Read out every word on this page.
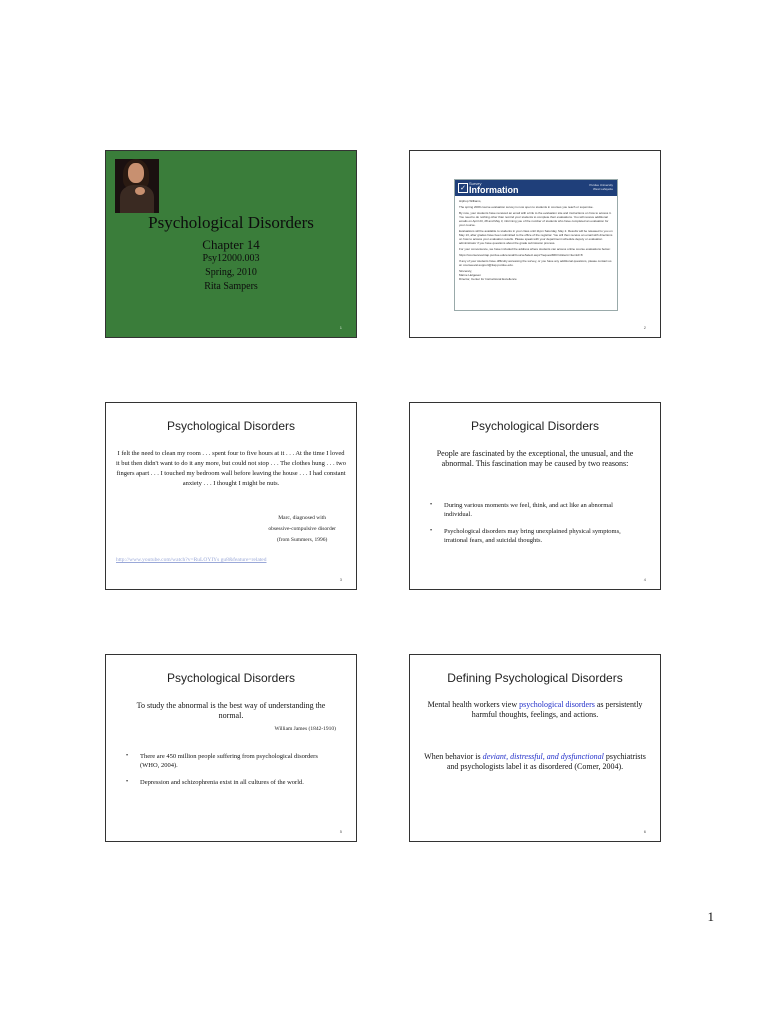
Psychological Disorders
Chapter 14
Psy12000.003
Spring, 2010
Rita Sampers
1
✓
Survey
Information	Purdue University
West Lafayette

Hiphop Williams,

The spring 2009 course evaluation survey is now open to students in courses you teach or supervise.

By now, your students have received an email with a link to the evaluation site and instructions on how to access it. You need to do nothing other than remind your students to complete their evaluations. You will receive additional emails on April 23, 28 and May 3, informing you of the number of students who have completed an evaluation for your course.

Evaluations will be available to students in your class until 11pm Saturday, May 2. Results will be released to you on May 13, after grades have been submitted to the office of the registrar. You will then receive an email with directions on how to access your evaluation results. Please speak with your department schedule deputy or evaluation administrator if you have questions about the grade submission process.

For your convenience, we have included the address where students can access online course evaluations below:

https://coursereval.itap.purdue.edu/ereval/CourseSelect.aspx?requestMID=A&term=itemId=8

If any of your students have difficulty accessing the survey, or you have any additional questions, please contact us at: courseeval-support@itap.purdue.edu.

Sincerely,

Marne Helgesen

Director, Center for Instructional Excellence

2
Psychological Disorders
I felt the need to clean my room . . . spent four to five hours at it . . . At the time I loved it but then didn't want to do it any more, but could not stop . . . The clothes hung . . . two fingers apart . . . I touched my bedroom wall before leaving the house . . . I had constant anxiety . . . I thought I might be nuts.
Marc, diagnosed with
obsessive-compulsive disorder
(from Summers, 1996)
http://www.youtube.com/watch?v=RuLOYIYs gu8&feature=related
3
Psychological Disorders
People are fascinated by the exceptional, the unusual, and the abnormal. This fascination may be caused by two reasons:
• During various moments we feel, think, and act like an abnormal individual.
• Psychological disorders may bring unexplained physical symptoms, irrational fears, and suicidal thoughts.
4
Psychological Disorders
To study the abnormal is the best way of understanding the normal.
William James (1842-1910)
• There are 450 million people suffering from psychological disorders (WHO, 2004).
• Depression and schizophrenia exist in all cultures of the world.
5
Defining Psychological Disorders
Mental health workers view psychological disorders as persistently harmful thoughts, feelings, and actions.
When behavior is deviant, distressful, and dysfunctional psychiatrists and psychologists label it as disordered (Comer, 2004).
6
1
